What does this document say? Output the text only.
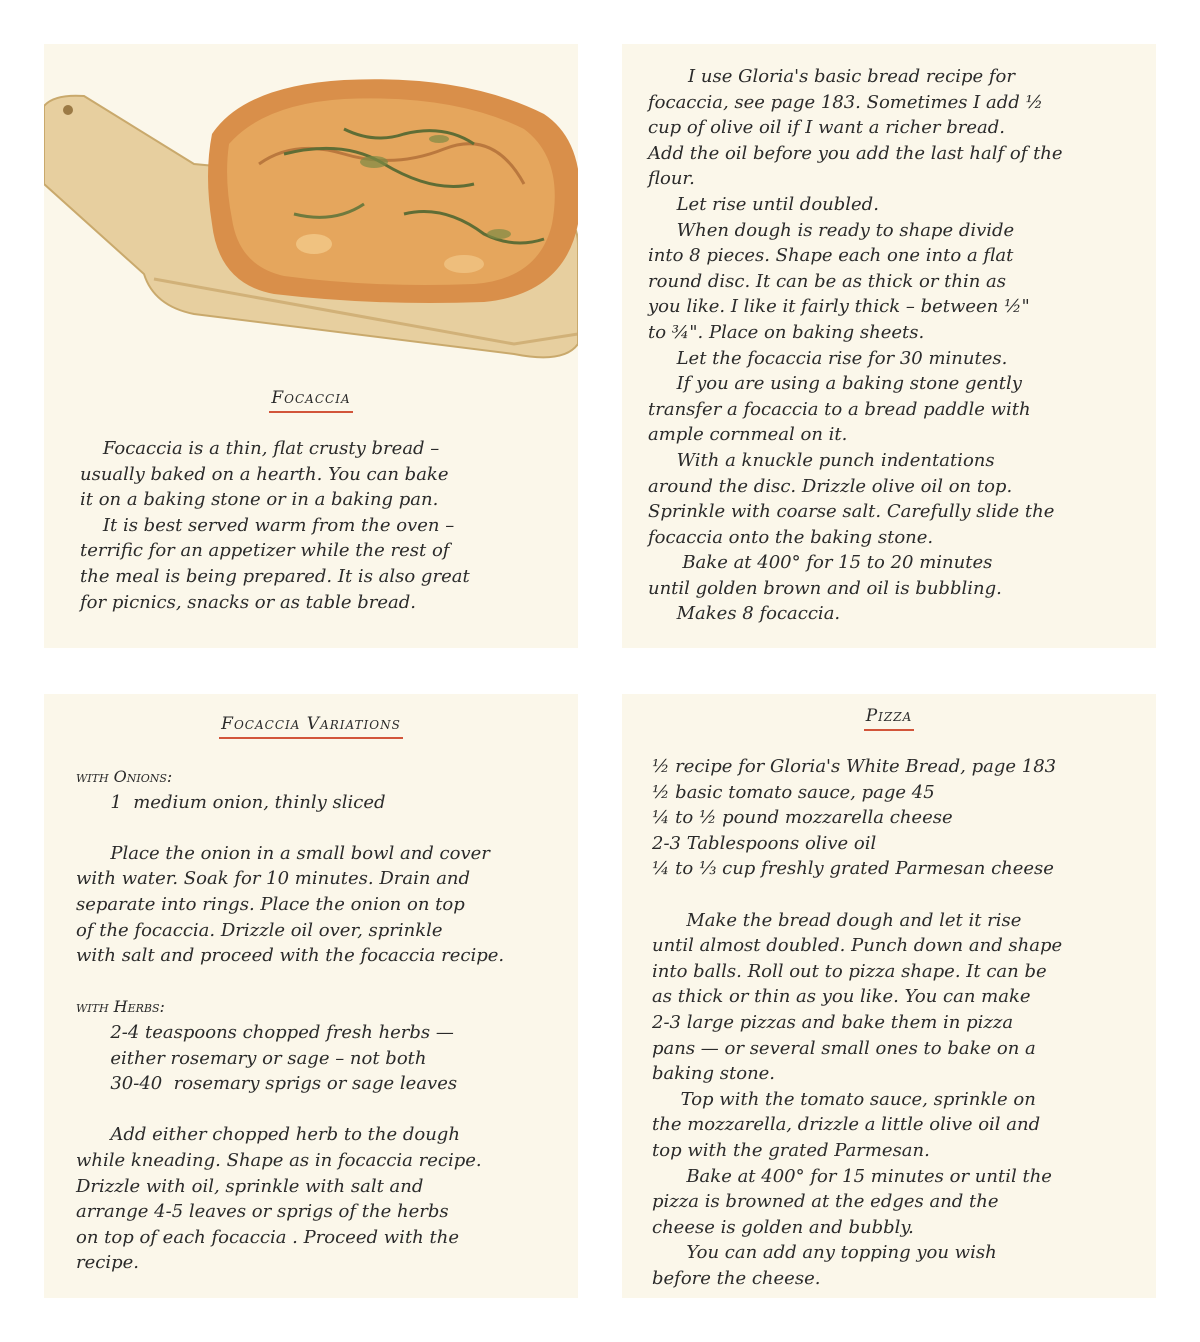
Focaccia
Focaccia is a thin, flat crusty bread –
usually baked on a hearth. You can bake
it on a baking stone or in a baking pan.
It is best served warm from the oven –
terrific for an appetizer while the rest of
the meal is being prepared. It is also great
for picnics, snacks or as table bread.
I use Gloria's basic bread recipe for
focaccia, see page 183. Sometimes I add ½
cup of olive oil if I want a richer bread.
Add the oil before you add the last half of the
flour.
Let rise until doubled.
When dough is ready to shape divide
into 8 pieces. Shape each one into a flat
round disc. It can be as thick or thin as
you like. I like it fairly thick – between ½"
to ¾". Place on baking sheets.
Let the focaccia rise for 30 minutes.
If you are using a baking stone gently
transfer a focaccia to a bread paddle with
ample cornmeal on it.
With a knuckle punch indentations
around the disc. Drizzle olive oil on top.
Sprinkle with coarse salt. Carefully slide the
focaccia onto the baking stone.
Bake at 400° for 15 to 20 minutes
until golden brown and oil is bubbling.
Makes 8 focaccia.
Focaccia Variations
with Onions:
1  medium onion, thinly sliced
Place the onion in a small bowl and cover
with water. Soak for 10 minutes. Drain and
separate into rings. Place the onion on top
of the focaccia. Drizzle oil over, sprinkle
with salt and proceed with the focaccia recipe.
with Herbs:
2-4 teaspoons chopped fresh herbs —
either rosemary or sage – not both
30-40  rosemary sprigs or sage leaves
Add either chopped herb to the dough
while kneading. Shape as in focaccia recipe.
Drizzle with oil, sprinkle with salt and
arrange 4-5 leaves or sprigs of the herbs
on top of each focaccia . Proceed with the
recipe.
Pizza
½ recipe for Gloria's White Bread, page 183
½ basic tomato sauce, page 45
¼ to ½ pound mozzarella cheese
2-3 Tablespoons olive oil
¼ to ⅓ cup freshly grated Parmesan cheese
Make the bread dough and let it rise
until almost doubled. Punch down and shape
into balls. Roll out to pizza shape. It can be
as thick or thin as you like. You can make
2-3 large pizzas and bake them in pizza
pans — or several small ones to bake on a
baking stone.
Top with the tomato sauce, sprinkle on
the mozzarella, drizzle a little olive oil and
top with the grated Parmesan.
Bake at 400° for 15 minutes or until the
pizza is browned at the edges and the
cheese is golden and bubbly.
You can add any topping you wish
before the cheese.
